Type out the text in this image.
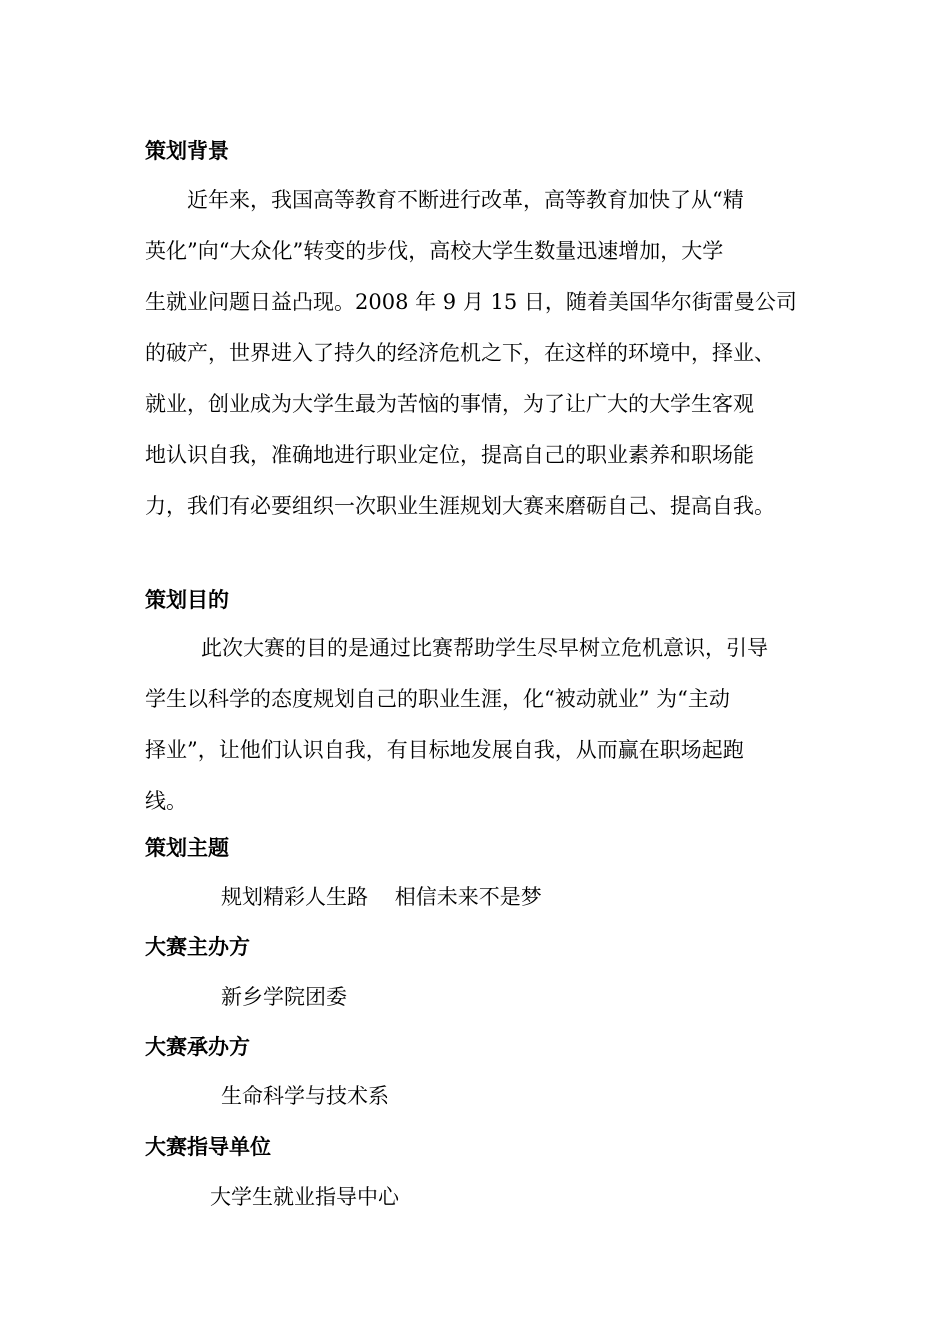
策划背景
近年来，我国高等教育不断进行改革，高等教育加快了从“精
英化”向“大众化”转变的步伐，高校大学生数量迅速增加，大学
生就业问题日益凸现。2008 年 9 月 15 日，随着美国华尔街雷曼公司
的破产，世界进入了持久的经济危机之下，在这样的环境中，择业、
就业，创业成为大学生最为苦恼的事情，为了让广大的大学生客观
地认识自我，准确地进行职业定位，提高自己的职业素养和职场能
力，我们有必要组织一次职业生涯规划大赛来磨砺自己、提高自我。
策划目的
此次大赛的目的是通过比赛帮助学生尽早树立危机意识，引导
学生以科学的态度规划自己的职业生涯，化“被动就业” 为“主动
择业”，让他们认识自我，有目标地发展自我，从而赢在职场起跑
线。
策划主题
规划精彩人生路    相信未来不是梦
大赛主办方
新乡学院团委
大赛承办方
生命科学与技术系
大赛指导单位
大学生就业指导中心
